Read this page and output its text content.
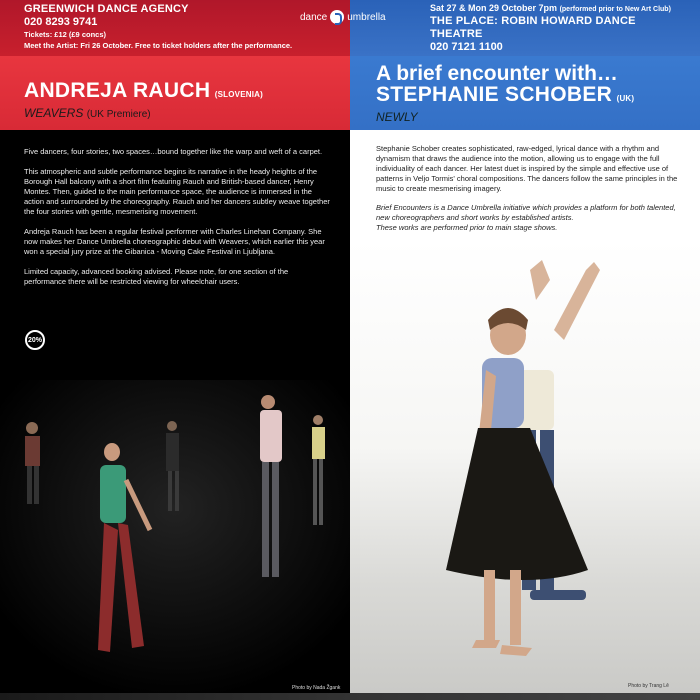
GREENWICH DANCE AGENCY
020 8293 9741
Tickets: £12 (£9 concs)
Meet the Artist: Fri 26 October. Free to ticket holders after the performance.
ANDREJA RAUCH (SLOVENIA)
WEAVERS (UK Premiere)

Five dancers, four stories, two spaces…bound together like the warp and weft of a carpet.

This atmospheric and subtle performance begins its narrative in the heady heights of the Borough Hall balcony with a short film featuring Rauch and British-based dancer, Henry Montes. Then, guided to the main performance space, the audience is immersed in the action and surrounded by the choreography. Rauch and her dancers subtley weave together the four stories with gentle, mesmerising movement.

Andreja Rauch has been a regular festival performer with Charles Linehan Company. She now makes her Dance Umbrella choreographic debut with Weavers, which earlier this year won a special jury prize at the Gibanica - Moving Cake Festival in Ljubljana.

Limited capacity, advanced booking advised. Please note, for one section of the performance there will be restricted viewing for wheelchair users.

20%
Photo by Nada Žgank
Sat 27 & Mon 29 October 7pm (performed prior to New Art Club)
THE PLACE: ROBIN HOWARD DANCE THEATRE
020 7121 1100
A brief encounter with…
STEPHANIE SCHOBER (UK)
NEWLY

Stephanie Schober creates sophisticated, raw-edged, lyrical dance with a rhythm and dynamism that draws the audience into the motion, allowing us to engage with the full individuality of each dancer. Her latest duet is inspired by the simple and effective use of patterns in Veljo Tormis' choral compositions. The dancers follow the same principles in the music to create mesmerising imagery.

Brief Encounters is a Dance Umbrella initiative which provides a platform for both talented, new choreographers and short works by established artists.
These works are performed prior to main stage shows.

Photo by Trang Lê
dance umbrella
